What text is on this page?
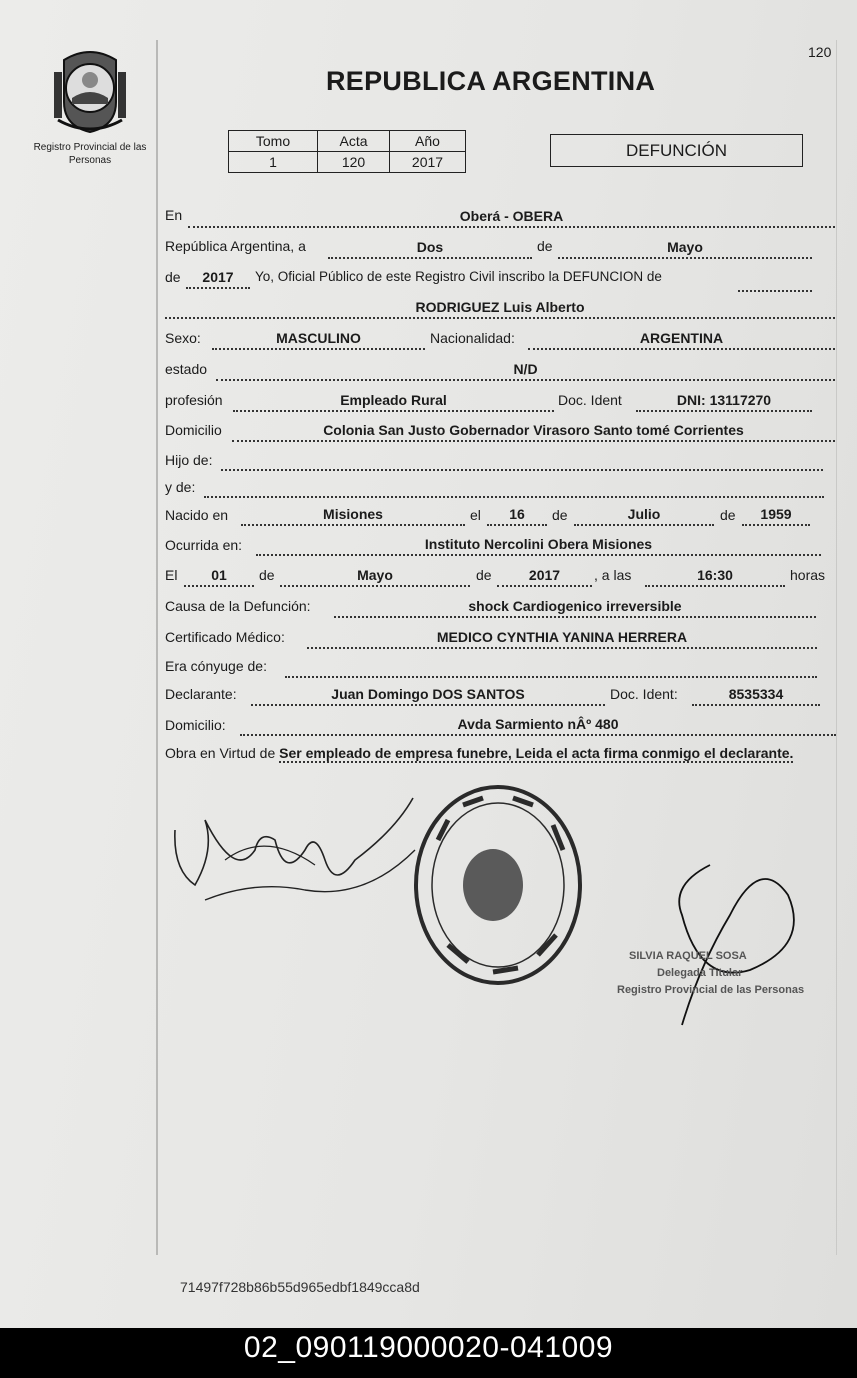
Registro Provincial de las Personas
120
REPUBLICA ARGENTINA
Tomo	Acta	Año
1	120	2017
DEFUNCIÓN
En	Oberá - OBERA
República Argentina, a	Dos	de	Mayo
de	2017	Yo, Oficial Público de este Registro Civil inscribo la DEFUNCION de
RODRIGUEZ Luis Alberto
Sexo:	MASCULINO	Nacionalidad:	ARGENTINA
estado	N/D
profesión	Empleado Rural	Doc. Ident	DNI: 13117270
Domicilio	Colonia San Justo Gobernador Virasoro Santo tomé Corrientes
Hijo de:
y de:
Nacido en	Misiones	el	16	de	Julio	de	1959
Ocurrida en:	Instituto Nercolini Obera Misiones
El	01	de	Mayo	de	2017	, a las	16:30	horas
Causa de la Defunción:	shock Cardiogenico irreversible
Certificado Médico:	MEDICO CYNTHIA YANINA HERRERA
Era cónyuge de:
Declarante:	Juan Domingo DOS SANTOS	Doc. Ident:	8535334
Domicilio:	Avda Sarmiento nÂº 480
Obra en Virtud de Ser empleado de empresa funebre, Leida el acta firma conmigo el declarante.
SILVIA RAQUEL SOSA
Delegada Titular
Registro Provincial de las Personas
71497f728b86b55d965edbf1849cca8d
02_090119000020-041009
